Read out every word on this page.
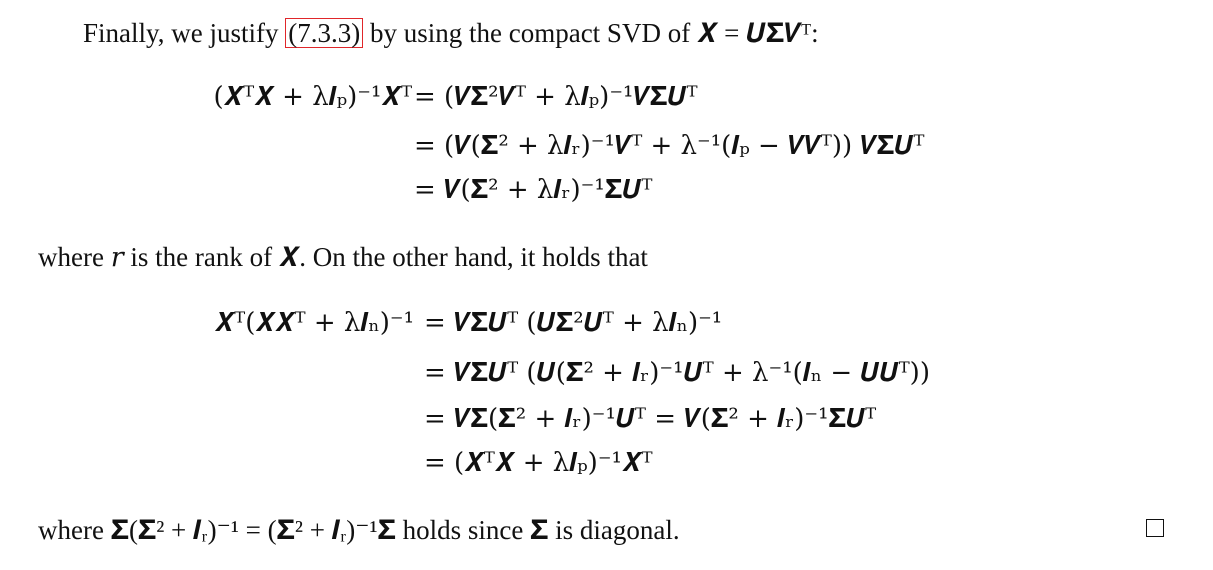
Finally, we justify (7.3.3) by using the compact SVD of 𝑿 = 𝑼𝚺𝑽ᵀ:
(𝑿ᵀ𝑿 + λ𝑰ₚ)⁻¹𝑿ᵀ = (𝑽𝚺²𝑽ᵀ + λ𝑰ₚ)⁻¹𝑽𝚺𝑼ᵀ
= (𝑽(𝚺² + λ𝑰ᵣ)⁻¹𝑽ᵀ + λ⁻¹(𝑰ₚ − 𝑽𝑽ᵀ)) 𝑽𝚺𝑼ᵀ
= 𝑽(𝚺² + λ𝑰ᵣ)⁻¹𝚺𝑼ᵀ
where 𝑟 is the rank of 𝑿. On the other hand, it holds that
𝑿ᵀ(𝑿𝑿ᵀ + λ𝑰ₙ)⁻¹ = 𝑽𝚺𝑼ᵀ (𝑼𝚺²𝑼ᵀ + λ𝑰ₙ)⁻¹
= 𝑽𝚺𝑼ᵀ (𝑼(𝚺² + 𝑰ᵣ)⁻¹𝑼ᵀ + λ⁻¹(𝑰ₙ − 𝑼𝑼ᵀ))
= 𝑽𝚺(𝚺² + 𝑰ᵣ)⁻¹𝑼ᵀ = 𝑽(𝚺² + 𝑰ᵣ)⁻¹𝚺𝑼ᵀ
= (𝑿ᵀ𝑿 + λ𝑰ₚ)⁻¹𝑿ᵀ
where 𝚺(𝚺² + 𝑰ᵣ)⁻¹ = (𝚺² + 𝑰ᵣ)⁻¹𝚺 holds since 𝚺 is diagonal.
